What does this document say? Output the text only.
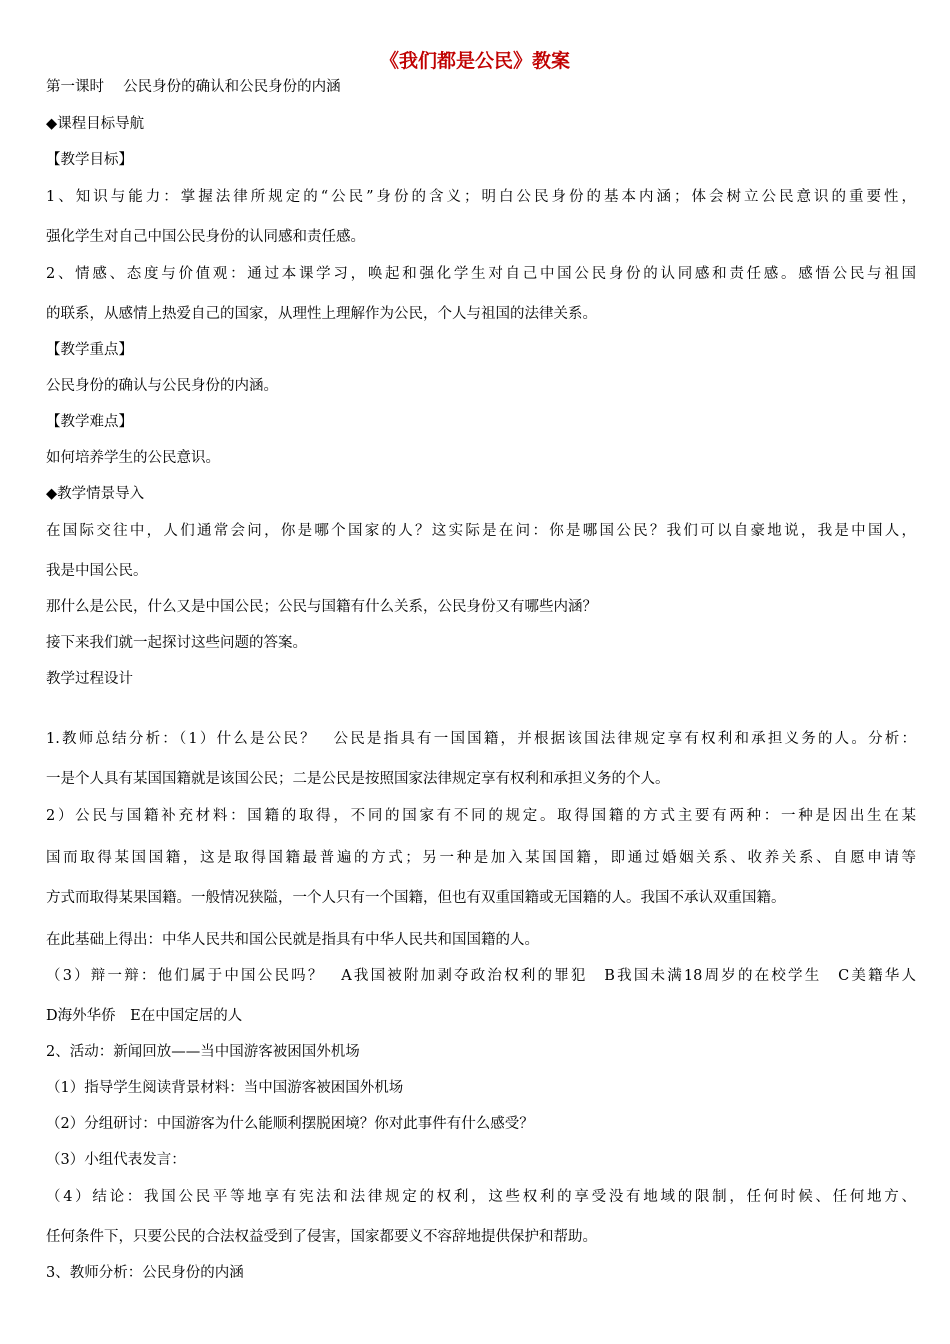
《我们都是公民》教案
第一课时　 公民身份的确认和公民身份的内涵
◆课程目标导航
【教学目标】
1、知识与能力：掌握法律所规定的“公民”身份的含义；明白公民身份的基本内涵；体会树立公民意识的重要性，
强化学生对自己中国公民身份的认同感和责任感。
2、情感、态度与价值观：通过本课学习，唤起和强化学生对自己中国公民身份的认同感和责任感。感悟公民与祖国
的联系，从感情上热爱自己的国家，从理性上理解作为公民，个人与祖国的法律关系。
【教学重点】
公民身份的确认与公民身份的内涵。
【教学难点】
如何培养学生的公民意识。
◆教学情景导入
在国际交往中，人们通常会问，你是哪个国家的人？这实际是在问：你是哪国公民？我们可以自豪地说，我是中国人，
我是中国公民。
那什么是公民，什么又是中国公民；公民与国籍有什么关系，公民身份又有哪些内涵？
接下来我们就一起探讨这些问题的答案。
教学过程设计
1.教师总结分析：（1）什么是公民？　公民是指具有一国国籍，并根据该国法律规定享有权利和承担义务的人。分析：
一是个人具有某国国籍就是该国公民；二是公民是按照国家法律规定享有权利和承担义务的个人。
2）公民与国籍补充材料：国籍的取得，不同的国家有不同的规定。取得国籍的方式主要有两种：一种是因出生在某
国而取得某国国籍，这是取得国籍最普遍的方式；另一种是加入某国国籍，即通过婚姻关系、收养关系、自愿申请等
方式而取得某果国籍。一般情况狭隘，一个人只有一个国籍，但也有双重国籍或无国籍的人。我国不承认双重国籍。
在此基础上得出：中华人民共和国公民就是指具有中华人民共和国国籍的人。
（3）辩一辩：他们属于中国公民吗？　A我国被附加剥夺政治权利的罪犯　B我国未满18周岁的在校学生　C美籍华人
D海外华侨　E在中国定居的人
2、活动：新闻回放——当中国游客被困国外机场
（1）指导学生阅读背景材料：当中国游客被困国外机场
（2）分组研讨：中国游客为什么能顺利摆脱困境？你对此事件有什么感受？
（3）小组代表发言：
（4）结论：我国公民平等地享有宪法和法律规定的权利，这些权利的享受没有地域的限制，任何时候、任何地方、
任何条件下，只要公民的合法权益受到了侵害，国家都要义不容辞地提供保护和帮助。
3、教师分析：公民身份的内涵
